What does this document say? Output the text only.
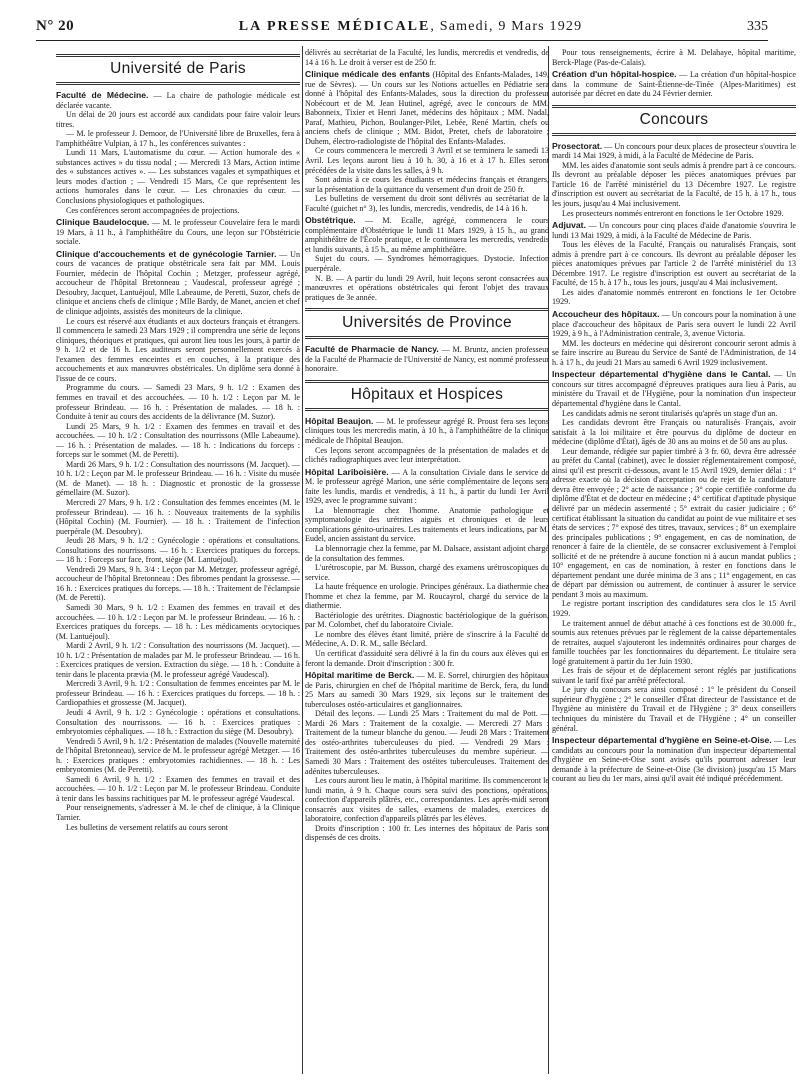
N° 20	LA PRESSE MÉDICALE, Samedi, 9 Mars 1929	335
Université de Paris

Faculté de Médecine. — La chaire de pathologie médicale est déclarée vacante.

Un délai de 20 jours est accordé aux candidats pour faire valoir leurs titres.

— M. le professeur J. Demoor, de l'Université libre de Bruxelles, fera à l'amphithéâtre Vulpian, à 17 h., les conférences suivantes :

Lundi 11 Mars, L'automatisme du cœur. — Action humorale des « substances actives » du tissu nodal ; — Mercredi 13 Mars, Action intime des « substances actives ». — Les substances vagales et sympathiques et leurs modes d'action ; — Vendredi 15 Mars, Ce que représentent les actions humorales dans le cœur. — Les chronaxies du cœur. — Conclusions physiologiques et pathologiques.

Ces conférences seront accompagnées de projections.

Clinique Baudelocque. — M. le professeur Couvelaire fera le mardi 19 Mars, à 11 h., à l'amphithéâtre du Cours, une leçon sur l'Obstétricie sociale.

Clinique d'accouchements et de gynécologie Tarnier. — Un cours de vacances de pratique obstétricale sera fait par MM. Louis Fournier, médecin de l'hôpital Cochin ; Metzger, professeur agrégé, accoucheur de l'hôpital Bretonneau ; Vaudescal, professeur agrégé ; Desoubry, Jacquet, Lantuéjoul, Mlle Labeaume, de Peretti, Suzor, chefs de clinique et anciens chefs de clinique ; Mlle Bardy, de Manet, ancien et chef de clinique adjoints, assistés des moniteurs de la clinique.

Le cours est réservé aux étudiants et aux docteurs français et étrangers. Il commencera le samedi 23 Mars 1929 ; il comprendra une série de leçons cliniques, théoriques et pratiques, qui auront lieu tous les jours, à partir de 9 h. 1/2 et de 16 h. Les auditeurs seront personnellement exercés à l'examen des femmes enceintes et en couches, à la pratique des accouchements et aux manœuvres obstétricales. Un diplôme sera donné à l'issue de ce cours.

Programme du cours. — Samedi 23 Mars, 9 h. 1/2 : Examen des femmes en travail et des accouchées. — 10 h. 1/2 : Leçon par M. le professeur Brindeau. — 16 h. : Présentation de malades. — 18 h. : Conduite à tenir au cours des accidents de la délivrance (M. Suzor).

Lundi 25 Mars, 9 h. 1/2 : Examen des femmes en travail et des accouchées. — 10 h. 1/2 : Consultation des nourrissons (Mlle Labeaume). — 16 h. : Présentation de malades. — 18 h. : Indications du forceps : forceps sur le sommet (M. de Peretti).

Mardi 26 Mars, 9 h. 1/2 : Consultation des nourrissons (M. Jacquet). — 10 h. 1/2 : Leçon par M. le professeur Brindeau. — 16 h. : Visite du musée (M. de Manet). — 18 h. : Diagnostic et pronostic de la grossesse gémellaire (M. Suzor).

Mercredi 27 Mars, 9 h. 1/2 : Consultation des femmes enceintes (M. le professeur Brindeau). — 16 h. : Nouveaux traitements de la syphilis (Hôpital Cochin) (M. Fournier). — 18 h. : Traitement de l'infection puerpérale (M. Desoubry).

Jeudi 28 Mars, 9 h. 1/2 : Gynécologie : opérations et consultations. Consultations des nourrissons. — 16 h. : Exercices pratiques du forceps. — 18 h. : Forceps sur face, front, siège (M. Lantuéjoul).

Vendredi 29 Mars, 9 h. 3/4 : Leçon par M. Metzger, professeur agrégé, accoucheur de l'hôpital Bretonneau : Des fibromes pendant la grossesse. — 16 h. : Exercices pratiques du forceps. — 18 h. : Traitement de l'éclampsie (M. de Peretti).

Samedi 30 Mars, 9 h. 1/2 : Examen des femmes en travail et des accouchées. — 10 h. 1/2 : Leçon par M. le professeur Brindeau. — 16 h. : Exercices pratiques du forceps. — 18 h. : Les médicaments ocytociques (M. Lantuéjoul).

Mardi 2 Avril, 9 h. 1/2 : Consultation des nourrissons (M. Jacquet). — 10 h. 1/2 : Présentation de malades par M. le professeur Brindeau. — 16 h. : Exercices pratiques de version. Extraction du siège. — 18 h. : Conduite à tenir dans le placenta prævia (M. le professeur agrégé Vaudescal).

Mercredi 3 Avril, 9 h. 1/2 : Consultation de femmes enceintes par M. le professeur Brindeau. — 16 h. : Exercices pratiques du forceps. — 18 h. : Cardiopathies et grossesse (M. Jacquet).

Jeudi 4 Avril, 9 h. 1/2 : Gynécologie : opérations et consultations. Consultation des nourrissons. — 16 h. : Exercices pratiques : embryotomies céphaliques. — 18 h. : Extraction du siège (M. Desoubry).

Vendredi 5 Avril, 9 h. 1/2 : Présentation de malades (Nouvelle maternité de l'hôpital Bretonneau), service de M. le professeur agrégé Metzger. — 16 h. : Exercices pratiques : embryotomies rachidiennes. — 18 h. : Les embryotomies (M. de Peretti).

Samedi 6 Avril, 9 h. 1/2 : Examen des femmes en travail et des accouchées. — 10 h. 1/2 : Leçon par M. le professeur Brindeau. Conduite à tenir dans les bassins rachitiques par M. le professeur agrégé Vaudescal.

Pour renseignements, s'adresser à M. le chef de clinique, à la Clinique Tarnier.

Les bulletins de versement relatifs au cours seront

délivrés au secrétariat de la Faculté, les lundis, mercredis et vendredis, de 14 à 16 h. Le droit à verser est de 250 fr.

Clinique médicale des enfants (Hôpital des Enfants-Malades, 149, rue de Sèvres). — Un cours sur les Notions actuelles en Pédiatrie sera donné à l'hôpital des Enfants-Malades, sous la direction du professeur Nobécourt et de M. Jean Hutinel, agrégé, avec le concours de MM. Babonneix, Tixier et Henri Janet, médecins des hôpitaux ; MM. Nadal, Paraf, Mathieu, Pichon, Boulanger-Pilet, Lebée, René Martin, chefs ou anciens chefs de clinique ; MM. Bidot, Pretet, chefs de laboratoire ; Duhem, électro-radiologiste de l'hôpital des Enfants-Malades.

Ce cours commencera le mercredi 3 Avril et se terminera le samedi 13 Avril. Les leçons auront lieu à 10 h. 30, à 16 et à 17 h. Elles seront précédées de la visite dans les salles, à 9 h.

Sont admis à ce cours les étudiants et médecins français et étrangers, sur la présentation de la quittance du versement d'un droit de 250 fr.

Les bulletins de versement du droit sont délivrés au secrétariat de la Faculté (guichet n° 3), les lundis, mercredis, vendredis, de 14 à 16 h.

Obstétrique. — M. Ecalle, agrégé, commencera le cours complémentaire d'Obstétrique le lundi 11 Mars 1929, à 15 h., au grand amphithéâtre de l'École pratique, et le continuera les mercredis, vendredis et lundis suivants, à 15 h., au même amphithéâtre.

Sujet du cours. — Syndromes hémorragiques. Dystocie. Infection puerpérale.

N. B. — A partir du lundi 29 Avril, huit leçons seront consacrées aux manœuvres et opérations obstétricales qui feront l'objet des travaux pratiques de 3e année.

Universités de Province

Faculté de Pharmacie de Nancy. — M. Bruntz, ancien professeur de la Faculté de Pharmacie de l'Université de Nancy, est nommé professeur honoraire.

Hôpitaux et Hospices

Hôpital Beaujon. — M. le professeur agrégé R. Proust fera ses leçons cliniques tous les mercredis matin, à 10 h., à l'amphithéâtre de la clinique médicale de l'hôpital Beaujon.

Ces leçons seront accompagnées de la présentation de malades et de clichés radiographiques avec leur interprétation.

Hôpital Lariboisière. — A la consultation Civiale dans le service de M. le professeur agrégé Marion, une série complémentaire de leçons sera faite les lundis, mardis et vendredis, à 11 h., à partir du lundi 1er Avril 1929, avec le programme suivant :

La blennorragie chez l'homme. Anatomie pathologique et symptomatologie des urétrites aiguës et chroniques et de leurs complications génito-urinaires. Les traitements et leurs indications, par M. Eudel, ancien assistant du service.

La blennorragie chez la femme, par M. Dalsace, assistant adjoint chargé de la consultation des femmes.

L'urétroscopie, par M. Busson, chargé des examens urétroscopiques du service.

La haute fréquence en urologie. Principes généraux. La diathermie chez l'homme et chez la femme, par M. Roucayrol, chargé du service de la diathermie.

Bactériologie des urétrites. Diagnostic bactériologique de la guérison, par M. Colombet, chef du laboratoire Civiale.

Le nombre des élèves étant limité, prière de s'inscrire à la Faculté de Médecine, A. D. R. M., salle Béclard.

Un certificat d'assiduité sera délivré à la fin du cours aux élèves qui en feront la demande. Droit d'inscription : 300 fr.

Hôpital maritime de Berck. — M. E. Sorrel, chirurgien des hôpitaux de Paris, chirurgien en chef de l'hôpital maritime de Berck, fera, du lundi 25 Mars au samedi 30 Mars 1929, six leçons sur le traitement des tuberculoses ostéo-articulaires et ganglionnaires.

Détail des leçons. — Lundi 25 Mars : Traitement du mal de Pott. — Mardi 26 Mars : Traitement de la coxalgie. — Mercredi 27 Mars : Traitement de la tumeur blanche du genou. — Jeudi 28 Mars : Traitement des ostéo-arthrites tuberculeuses du pied. — Vendredi 29 Mars : Traitement des ostéo-arthrites tuberculeuses du membre supérieur. — Samedi 30 Mars : Traitement des ostéites tuberculeuses. Traitement des adénites tuberculeuses.

Les cours auront lieu le matin, à l'hôpital maritime. Ils commenceront le lundi matin, à 9 h. Chaque cours sera suivi des ponctions, opérations, confection d'appareils plâtrés, etc., correspondantes. Les après-midi seront consacrés aux visites de salles, examens de malades, exercices de laboratoire, confection d'appareils plâtrés par les élèves.

Droits d'inscription : 100 fr. Les internes des hôpitaux de Paris sont dispensés de ces droits.

Pour tous renseignements, écrire à M. Delahaye, hôpital maritime, Berck-Plage (Pas-de-Calais).

Création d'un hôpital-hospice. — La création d'un hôpital-hospice dans la commune de Saint-Étienne-de-Tinée (Alpes-Maritimes) est autorisée par décret en date du 24 Février dernier.

Concours

Prosectorat. — Un concours pour deux places de prosecteur s'ouvrira le mardi 14 Mai 1929, à midi, à la Faculté de Médecine de Paris.

MM. les aides d'anatomie sont seuls admis à prendre part à ce concours. Ils devront au préalable déposer les pièces anatomiques prévues par l'article 16 de l'arrêté ministériel du 13 Décembre 1927. Le registre d'inscription est ouvert au secrétariat de la Faculté, de 15 h. à 17 h., tous les jours, jusqu'au 4 Mai inclusivement.

Les prosecteurs nommés entreront en fonctions le 1er Octobre 1929.

Adjuvat. — Un concours pour cinq places d'aide d'anatomie s'ouvrira le lundi 13 Mai 1929, à midi, à la Faculté de Médecine de Paris.

Tous les élèves de la Faculté, Français ou naturalisés Français, sont admis à prendre part à ce concours. Ils devront au préalable déposer les pièces anatomiques prévues par l'article 2 de l'arrêté ministériel du 13 Décembre 1917. Le registre d'inscription est ouvert au secrétariat de la Faculté, de 15 h. à 17 h., tous les jours, jusqu'au 4 Mai inclusivement.

Les aides d'anatomie nommés entreront en fonctions le 1er Octobre 1929.

Accoucheur des hôpitaux. — Un concours pour la nomination à une place d'accoucheur des hôpitaux de Paris sera ouvert le lundi 22 Avril 1929, à 9 h., à l'Administration centrale, 3, avenue Victoria.

MM. les docteurs en médecine qui désireront concourir seront admis à se faire inscrire au Bureau du Service de Santé de l'Administration, de 14 h. à 17 h., du jeudi 21 Mars au samedi 6 Avril 1929 inclusivement.

Inspecteur départemental d'hygiène dans le Cantal. — Un concours sur titres accompagné d'épreuves pratiques aura lieu à Paris, au ministère du Travail et de l'Hygiène, pour la nomination d'un inspecteur départemental d'hygiène dans le Cantal.

Les candidats admis ne seront titularisés qu'après un stage d'un an.

Les candidats devront être Français ou naturalisés Français, avoir satisfait à la loi militaire et être pourvus du diplôme de docteur en médecine (diplôme d'État), âgés de 30 ans au moins et de 50 ans au plus.

Leur demande, rédigée sur papier timbré à 3 fr. 60, devra être adressée au préfet du Cantal (cabinet), avec le dossier réglementairement composé, ainsi qu'il est prescrit ci-dessous, avant le 15 Avril 1929, dernier délai : 1° adresse exacte où la décision d'acceptation ou de rejet de la candidature devra être envoyée ; 2° acte de naissance ; 3° copie certifiée conforme du diplôme d'État et de docteur en médecine ; 4° certificat d'aptitude physique délivré par un médecin assermenté ; 5° extrait du casier judiciaire ; 6° certificat établissant la situation du candidat au point de vue militaire et ses états de services ; 7° exposé des titres, travaux, services ; 8° un exemplaire des principales publications ; 9° engagement, en cas de nomination, de renoncer à faire de la clientèle, de se consacrer exclusivement à l'emploi sollicité et de ne prétendre à aucune fonction ni à aucun mandat publics ; 10° engagement, en cas de nomination, à rester en fonctions dans le département pendant une durée minima de 3 ans ; 11° engagement, en cas de départ par démission ou autrement, de continuer à assurer le service pendant 3 mois au maximum.

Le registre portant inscription des candidatures sera clos le 15 Avril 1929.

Le traitement annuel de début attaché à ces fonctions est de 30.000 fr., soumis aux retenues prévues par le règlement de la caisse départementales de retraites, auquel s'ajouteront les indemnités ordinaires pour charges de famille touchées par les fonctionnaires du département. Le titulaire sera logé gratuitement à partir du 1er Juin 1930.

Les frais de séjour et de déplacement seront réglés par justifications suivant le tarif fixé par arrêté préfectoral.

Le jury du concours sera ainsi composé : 1° le président du Conseil supérieur d'hygiène ; 2° le conseiller d'État directeur de l'assistance et de l'hygiène au ministère du Travail et de l'Hygiène ; 3° deux conseillers techniques du ministère du Travail et de l'Hygiène ; 4° un conseiller général.

Inspecteur départemental d'hygiène en Seine-et-Oise. — Les candidats au concours pour la nomination d'un inspecteur départemental d'hygiène en Seine-et-Oise sont avisés qu'ils pourront adresser leur demande à la préfecture de Seine-et-Oise (3e division) jusqu'au 15 Mars courant au lieu du 1er mars, ainsi qu'il avait été indiqué précédemment.
